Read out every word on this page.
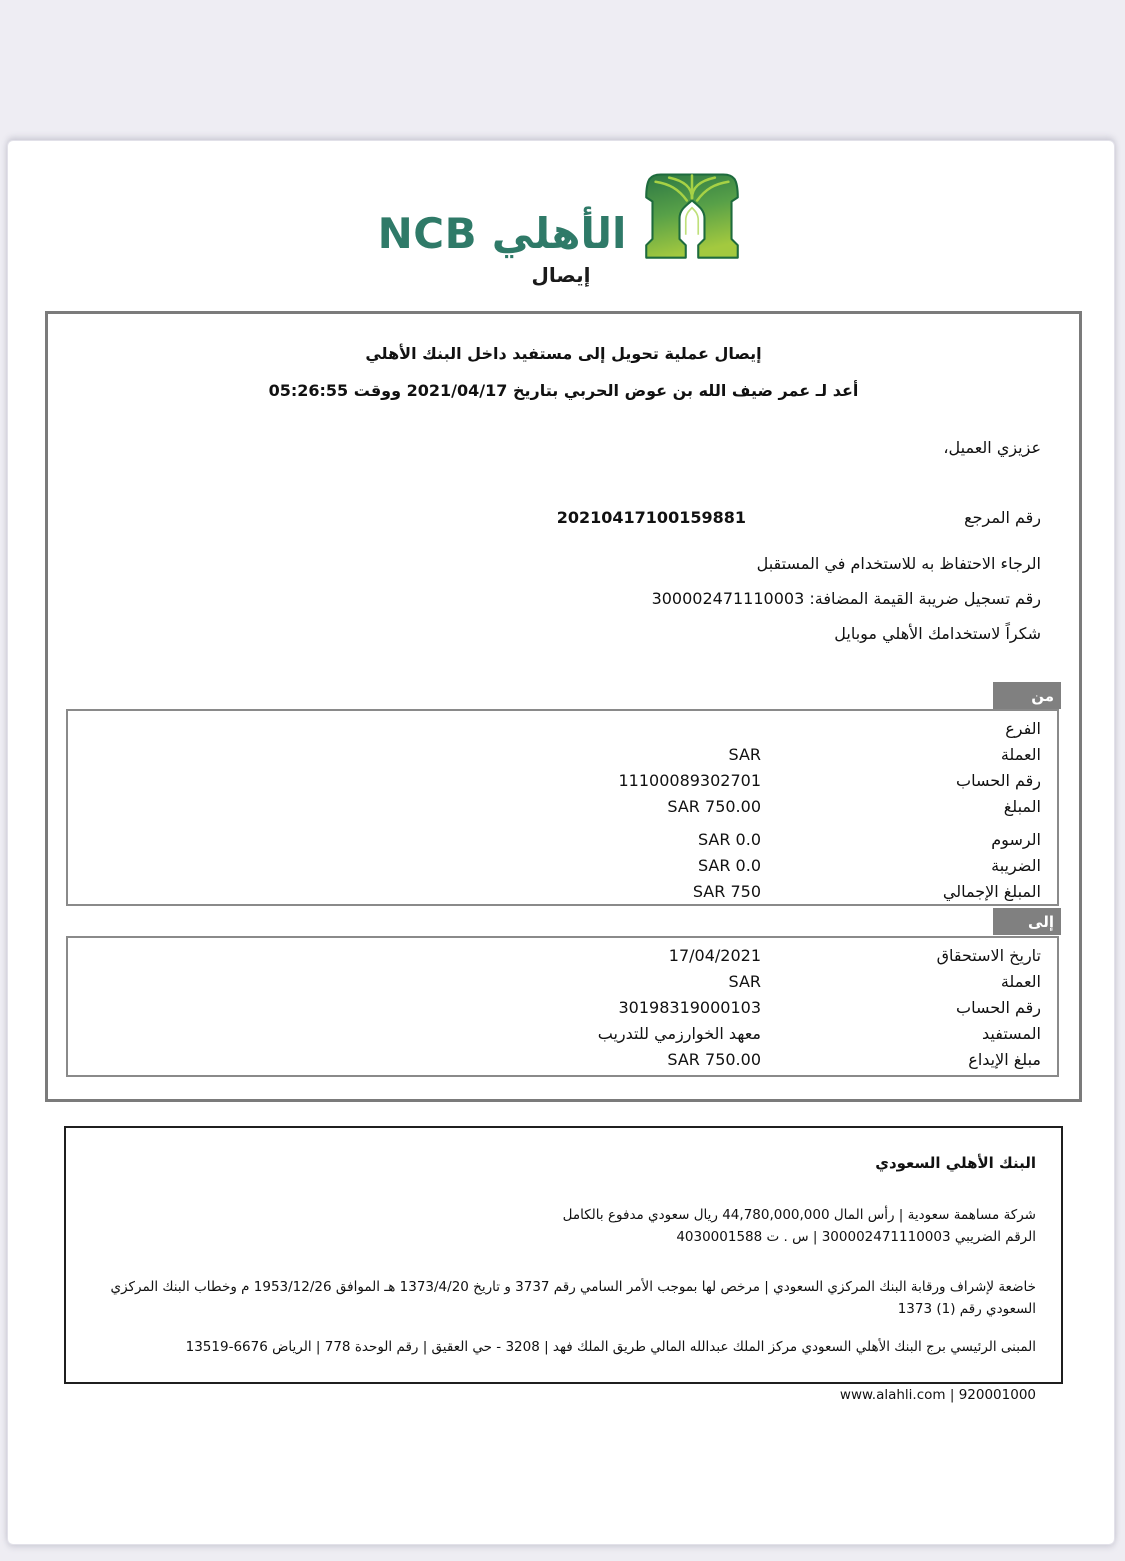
الأهلي NCB
إيصال
إيصال عملية تحويل إلى مستفيد داخل البنك الأهلي
أعد لـ عمر ضيف الله بن عوض الحربي بتاريخ 2021/04/17 ووقت 05:26:55
عزيزي العميل،
رقم المرجع
20210417100159881
الرجاء الاحتفاظ به للاستخدام في المستقبل
رقم تسجيل ضريبة القيمة المضافة: 300002471110003
شكراً لاستخدامك الأهلي موبايل
من
الفرع
العملة
SAR
رقم الحساب
11100089302701
المبلغ
750.00 SAR
الرسوم
0.0 SAR
الضريبة
0.0 SAR
المبلغ الإجمالي
750 SAR
إلى
تاريخ الاستحقاق
17/04/2021
العملة
SAR
رقم الحساب
30198319000103
المستفيد
معهد الخوارزمي للتدريب
مبلغ الإيداع
750.00 SAR
البنك الأهلي السعودي
شركة مساهمة سعودية | رأس المال 44,780,000,000 ريال سعودي مدفوع بالكامل
الرقم الضريبي 300002471110003 | س . ت 4030001588
خاضعة لإشراف ورقابة البنك المركزي السعودي | مرخص لها بموجب الأمر السامي رقم 3737 و تاريخ 1373/4/20 هـ الموافق 1953/12/26 م وخطاب البنك المركزي السعودي رقم (1) 1373
المبنى الرئيسي برج البنك الأهلي السعودي مركز الملك عبدالله المالي طريق الملك فهد | 3208 - حي العقيق | رقم الوحدة 778 | الرياض 6676-13519
www.alahli.com | 920001000
